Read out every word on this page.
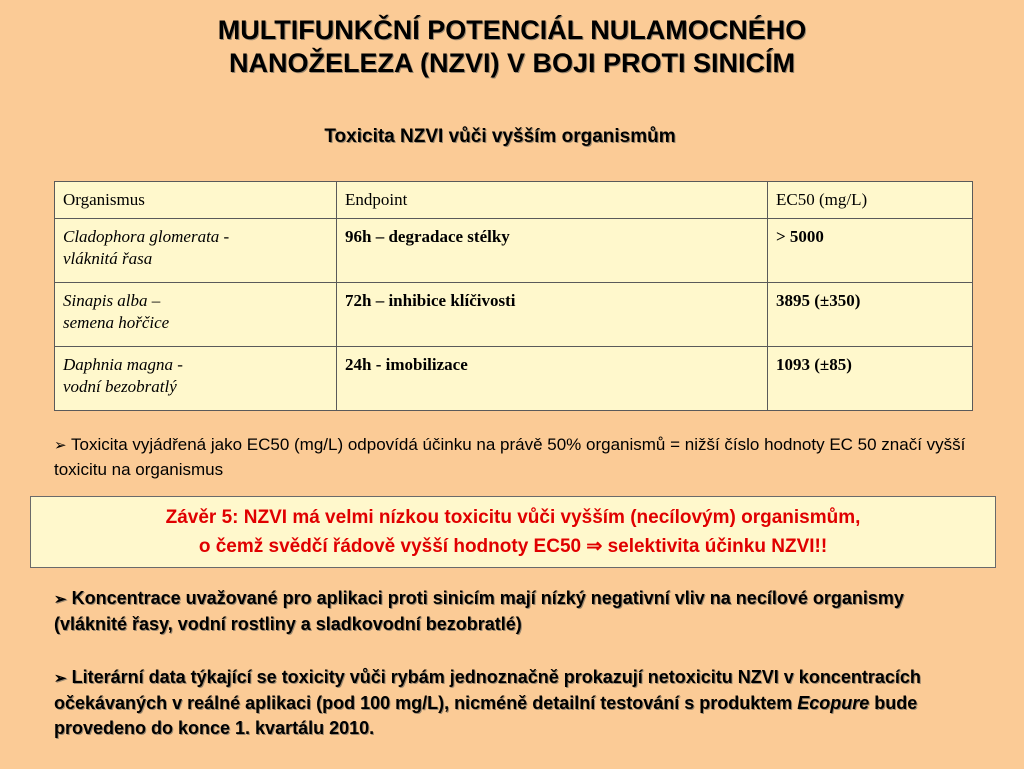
MULTIFUNKČNÍ POTENCIÁL NULAMOCNÉHO
NANOŽELEZA (NZVI) V BOJI PROTI SINICÍM
Toxicita NZVI vůči vyšším organismům
Organismus	Endpoint	EC50 (mg/L)
Cladophora glomerata -
vláknitá řasa	96h – degradace stélky	> 5000
Sinapis alba –
semena hořčice	72h – inhibice klíčivosti	3895 (±350)
Daphnia magna -
vodní bezobratlý	24h - imobilizace	1093 (±85)
➢ Toxicita vyjádřená jako EC50 (mg/L) odpovídá účinku na právě 50% organismů = nižší číslo hodnoty EC 50 značí vyšší toxicitu na organismus
Závěr 5: NZVI má velmi nízkou toxicitu vůči vyšším (necílovým) organismům,
o čemž svědčí řádově vyšší hodnoty EC50 ⇒ selektivita účinku NZVI!!

➢ Koncentrace uvažované pro aplikaci proti sinicím mají nízký negativní vliv na necílové organismy (vláknité řasy, vodní rostliny a sladkovodní bezobratlé)

➢ Literární data týkající se toxicity vůči rybám jednoznačně prokazují netoxicitu NZVI v koncentracích očekávaných v reálné aplikaci (pod 100 mg/L), nicméně detailní testování s produktem Ecopure bude provedeno do konce 1. kvartálu 2010.
